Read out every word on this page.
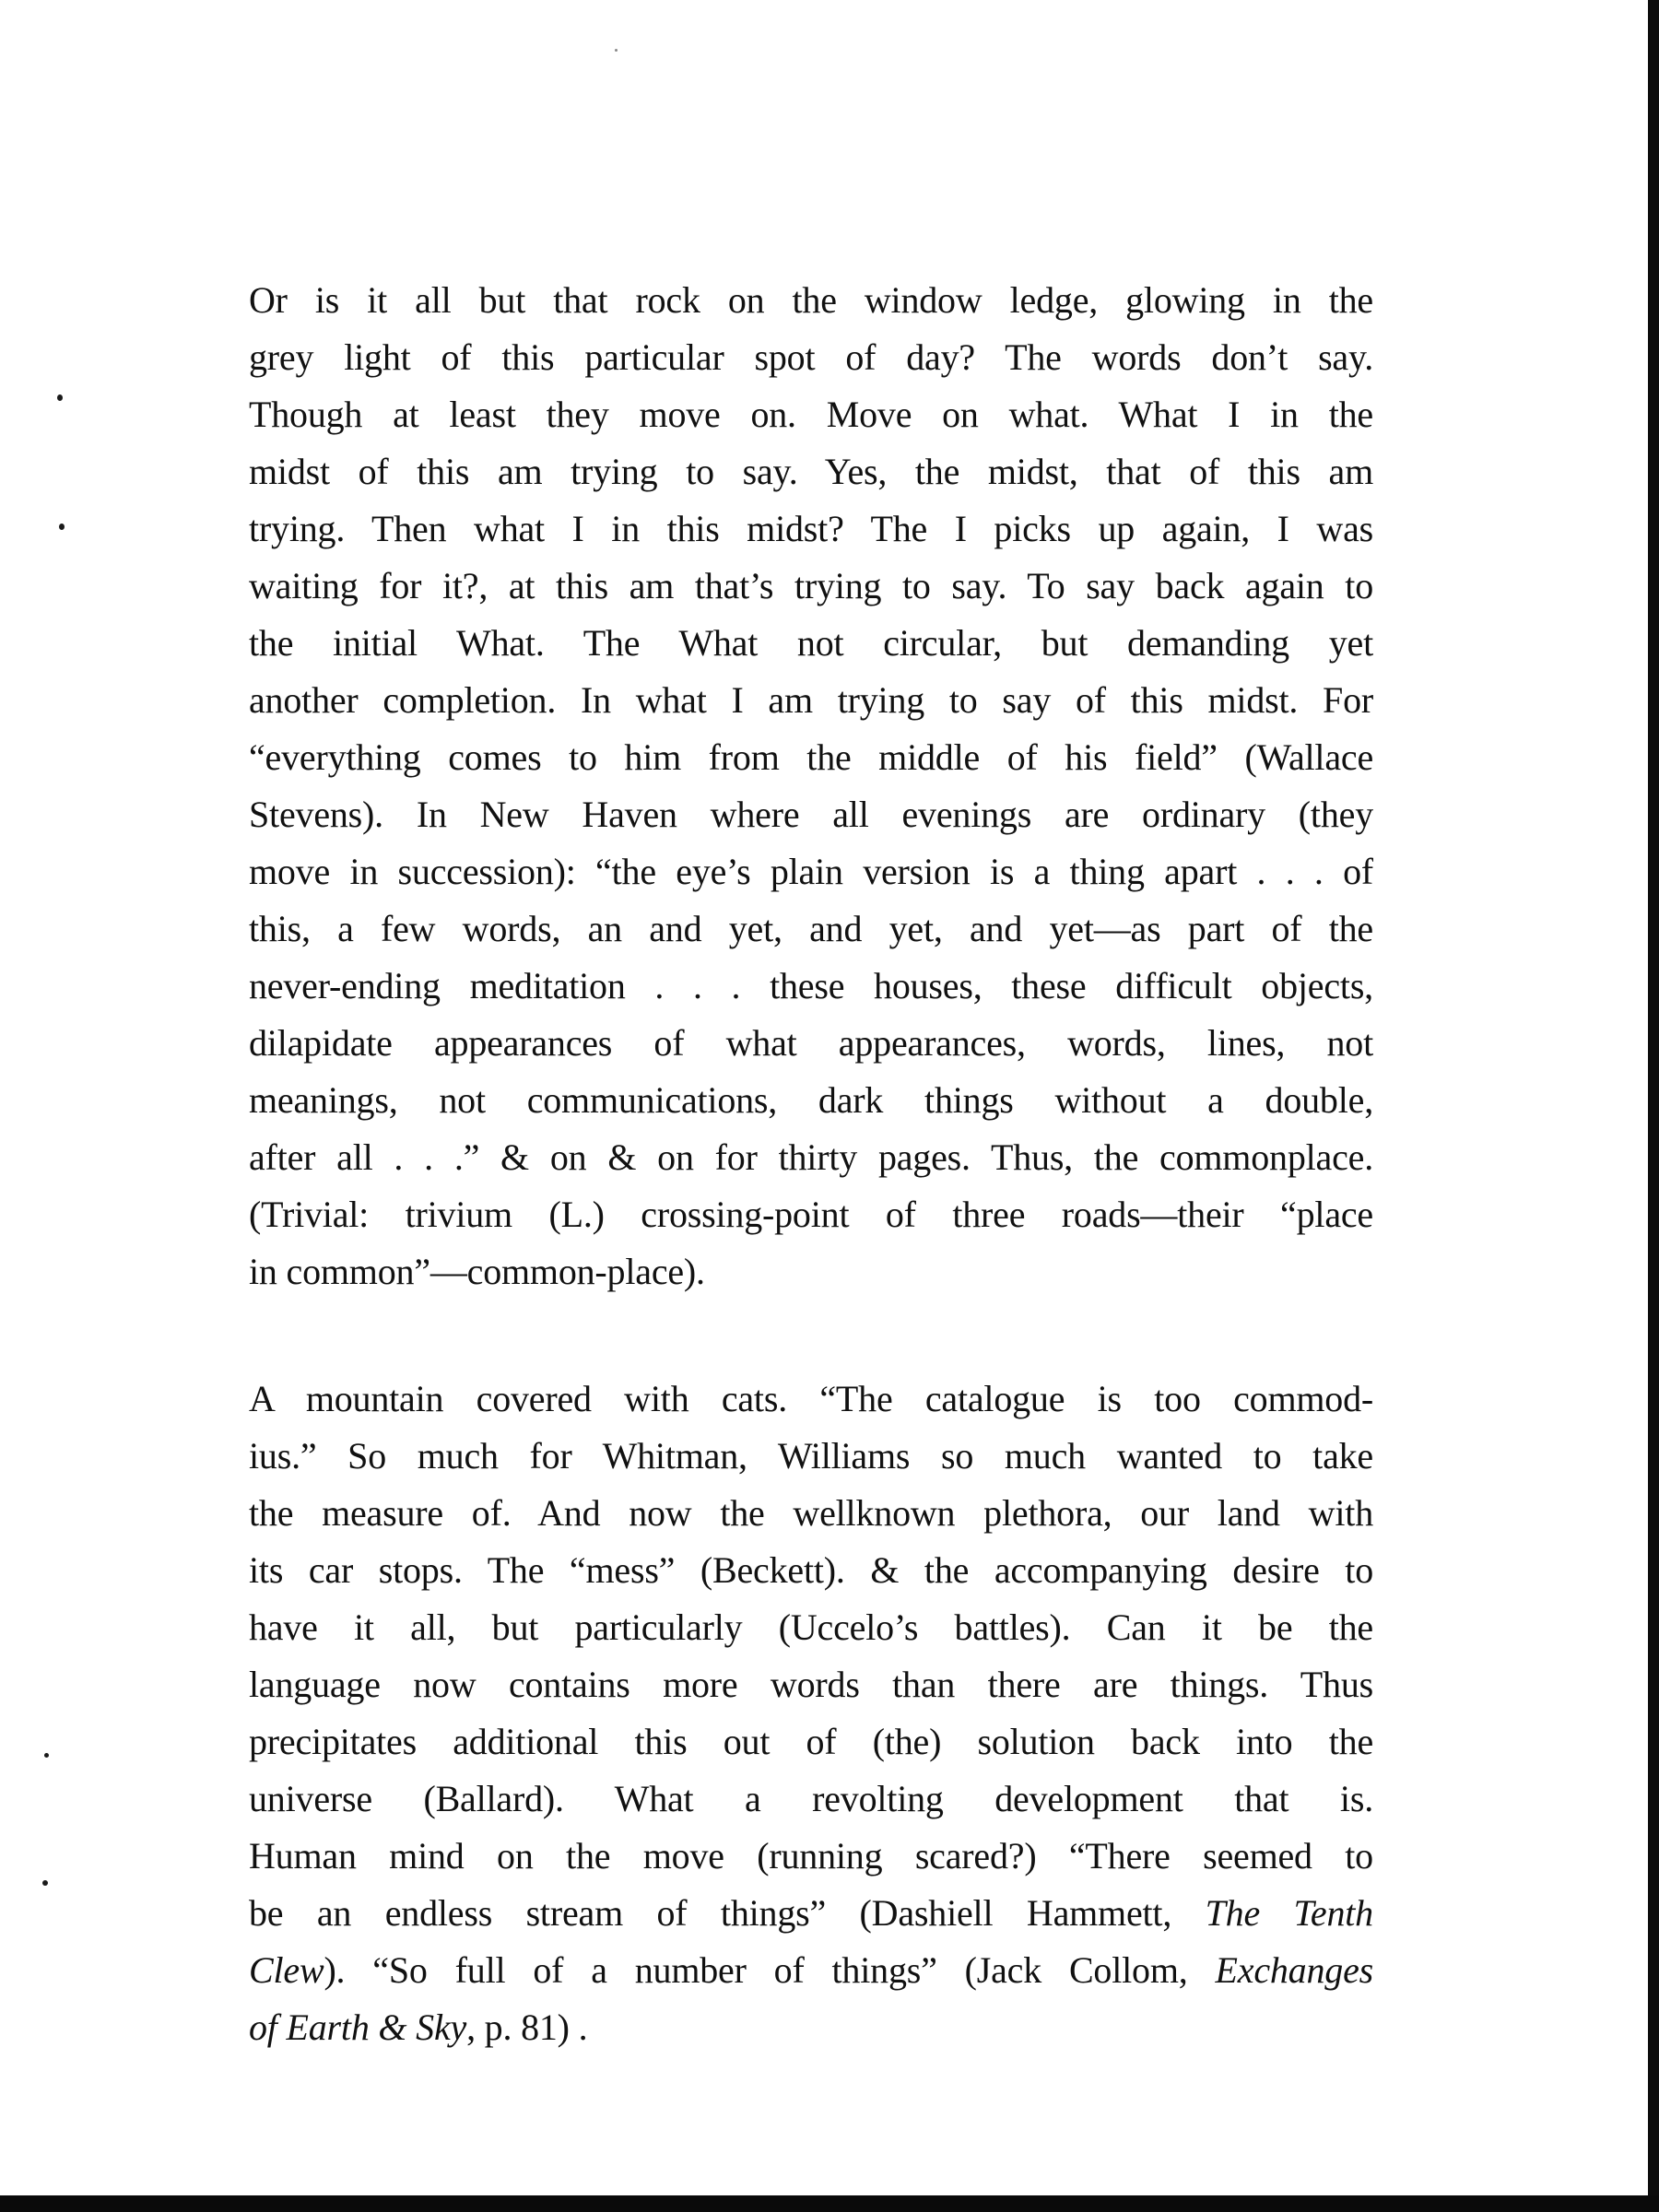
Or is it all but that rock on the window ledge, glowing in the
grey light of this particular spot of day? The words don’t say.
Though at least they move on. Move on what. What I in the
midst of this am trying to say. Yes, the midst, that of this am
trying. Then what I in this midst? The I picks up again, I was
waiting for it?, at this am that’s trying to say. To say back again to
the initial What. The What not circular, but demanding yet
another completion. In what I am trying to say of this midst. For
“everything comes to him from the middle of his field” (Wallace
Stevens). In New Haven where all evenings are ordinary (they
move in succession): “the eye’s plain version is a thing apart . . . of
this, a few words, an and yet, and yet, and yet—as part of the
never-ending meditation . . . these houses, these difficult objects,
dilapidate appearances of what appearances, words, lines, not
meanings, not communications, dark things without a double,
after all . . .” & on & on for thirty pages. Thus, the commonplace.
(Trivial: trivium (L.) crossing-point of three roads—their “place
in common”—common-place).
A mountain covered with cats. “The catalogue is too commod-
ius.” So much for Whitman, Williams so much wanted to take
the measure of. And now the wellknown plethora, our land with
its car stops. The “mess” (Beckett). & the accompanying desire to
have it all, but particularly (Uccelo’s battles). Can it be the
language now contains more words than there are things. Thus
precipitates additional this out of (the) solution back into the
universe (Ballard). What a revolting development that is.
Human mind on the move (running scared?) “There seemed to
be an endless stream of things” (Dashiell Hammett, The Tenth
Clew). “So full of a number of things” (Jack Collom, Exchanges
of Earth & Sky, p. 81) .
